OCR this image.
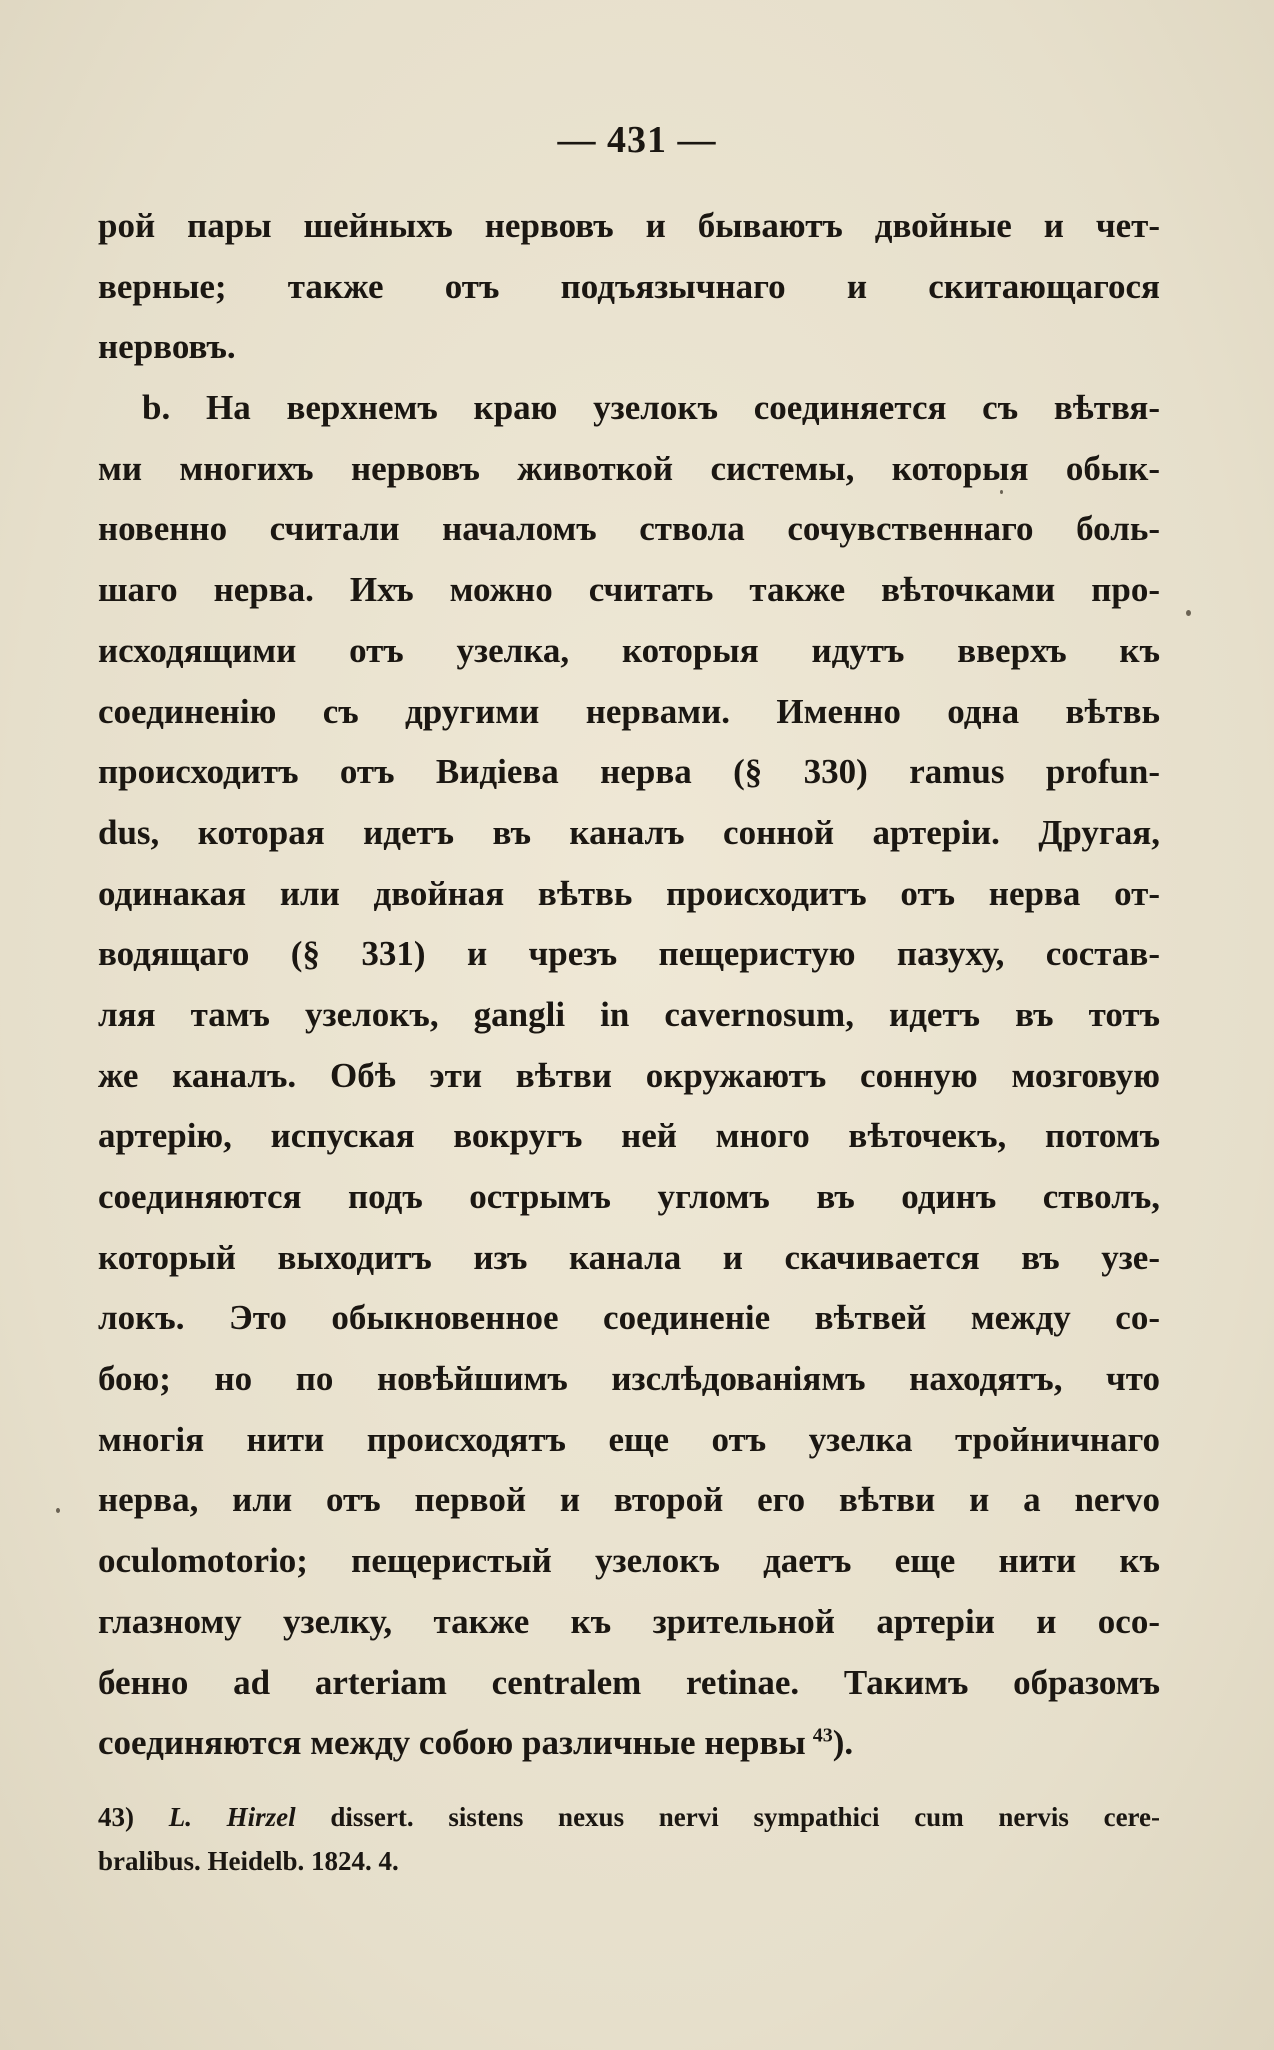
— 431 —
рой пары шейныхъ нервовъ и бываютъ двойные и чет-
верные; также отъ подъязычнаго и скитающагося
нервовъ.
b. На верхнемъ краю узелокъ соединяется съ вѣтвя-
ми многихъ нервовъ животкой системы, которыя обык-
новенно считали началомъ ствола сочувственнаго боль-
шаго нерва. Ихъ можно считать также вѣточками про-
исходящими отъ узелка, которыя идутъ вверхъ къ
соединенію съ другими нервами. Именно одна вѣтвь
происходитъ отъ Видіева нерва (§ 330) ramus profun-
dus, которая идетъ въ каналъ сонной артеріи. Другая,
одинакая или двойная вѣтвь происходитъ отъ нерва от-
водящаго (§ 331) и чрезъ пещеристую пазуху, состав-
ляя тамъ узелокъ, gangli in cavernosum, идетъ въ тотъ
же каналъ. Обѣ эти вѣтви окружаютъ сонную мозговую
артерію, испуская вокругъ ней много вѣточекъ, потомъ
соединяются подъ острымъ угломъ въ одинъ стволъ,
который выходитъ изъ канала и скачивается въ узе-
локъ. Это обыкновенное соединеніе вѣтвей между со-
бою; но по новѣйшимъ изслѣдованіямъ находятъ, что
многія нити происходятъ еще отъ узелка тройничнаго
нерва, или отъ первой и второй его вѣтви и a nervo
oculomotorio; пещеристый узелокъ даетъ еще нити къ
глазному узелку, также къ зрительной артеріи и осо-
бенно ad arteriam centralem retinae. Такимъ образомъ
соединяются между собою различные нервы  $^{43}$).
43) L. Hirzel dissert. sistens nexus nervi sympathici cum nervis cere-
bralibus. Heidelb. 1824. 4.
